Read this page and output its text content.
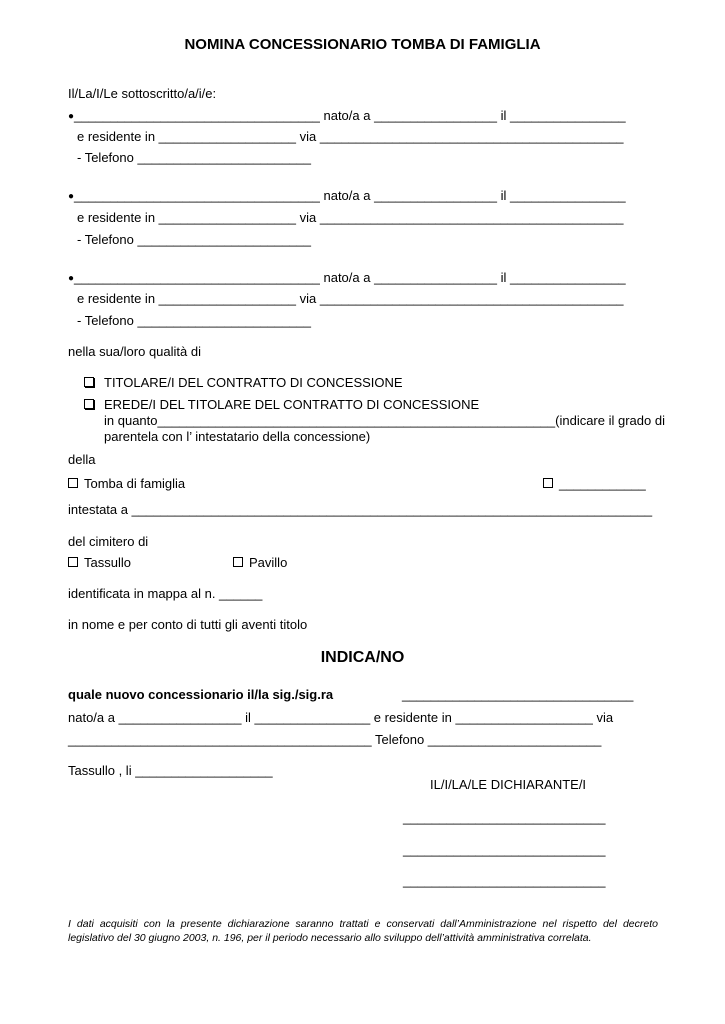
NOMINA CONCESSIONARIO TOMBA DI FAMIGLIA
Il/La/I/Le sottoscritto/a/i/e:
●__________________________________ nato/a a _________________ il ________________
e residente in ___________________ via __________________________________________
- Telefono ________________________
●__________________________________ nato/a a _________________ il ________________
e residente in ___________________ via __________________________________________
- Telefono ________________________
●__________________________________ nato/a a _________________ il ________________
e residente in ___________________ via __________________________________________
- Telefono ________________________
nella sua/loro qualità di
TITOLARE/I DEL CONTRATTO DI CONCESSIONE
EREDE/I DEL TITOLARE DEL CONTRATTO DI CONCESSIONE
in quanto_______________________________________________________(indicare il grado di
parentela con l’ intestatario della concessione)
della
Tomba di famiglia	____________
intestata a ________________________________________________________________________
del cimitero di
Tassullo	Pavillo
identificata in mappa al n. ______
in nome e per conto di tutti gli aventi titolo
INDICA/NO
quale nuovo concessionario il/la sig./sig.ra	________________________________
nato/a a _________________ il ________________ e residente in ___________________ via
__________________________________________ Telefono ________________________
Tassullo , li ___________________
IL/I/LA/LE DICHIARANTE/I
____________________________
____________________________
____________________________
I dati acquisiti con la presente dichiarazione saranno trattati e conservati dall’Amministrazione nel rispetto del decreto legislativo del 30 giugno 2003, n. 196, per il periodo necessario allo sviluppo dell’attività amministrativa correlata.
